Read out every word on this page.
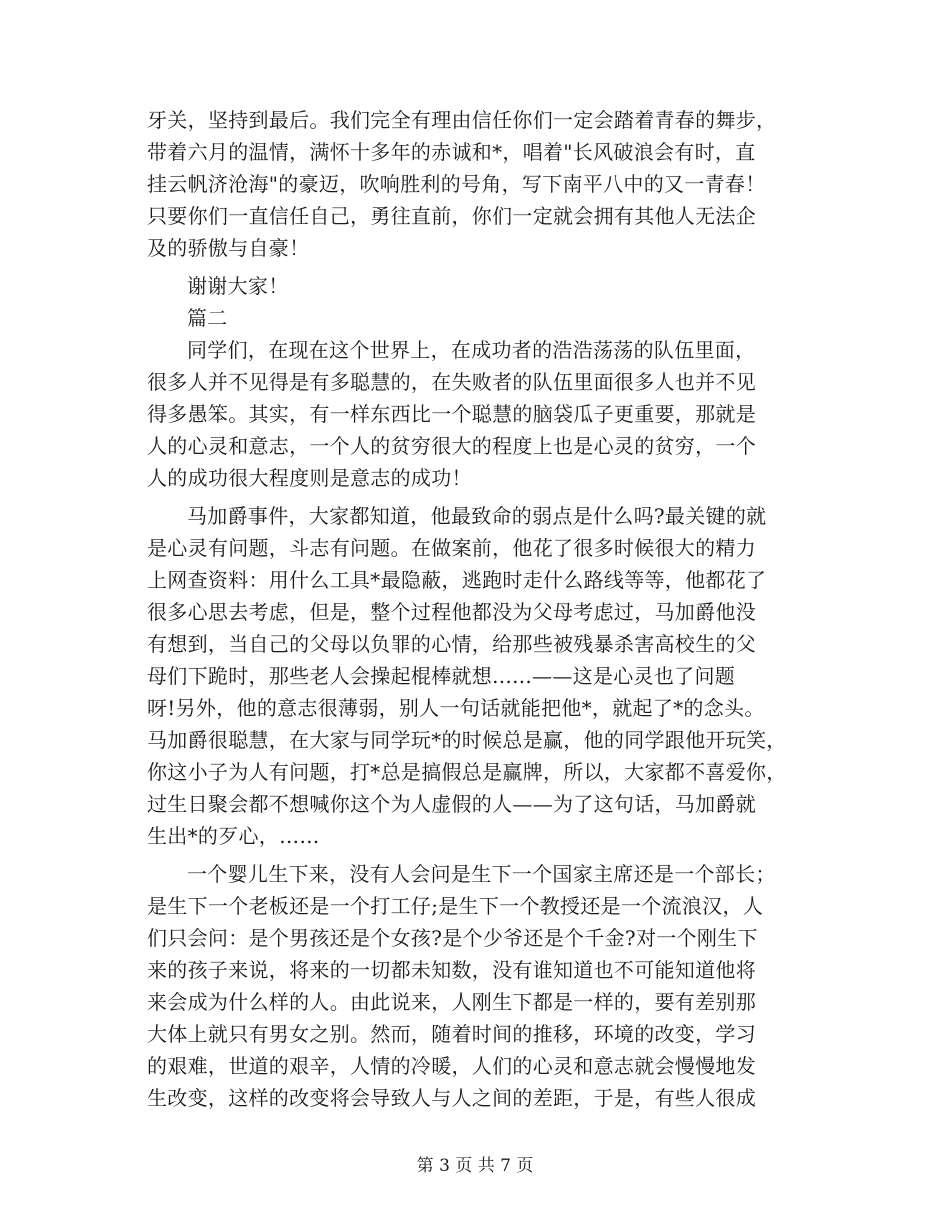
牙关，坚持到最后。我们完全有理由信任你们一定会踏着青春的舞步，
带着六月的温情，满怀十多年的赤诚和*，唱着"长风破浪会有时，直
挂云帆济沧海"的豪迈，吹响胜利的号角，写下南平八中的又一青春！
只要你们一直信任自己，勇往直前，你们一定就会拥有其他人无法企
及的骄傲与自豪！
谢谢大家！
篇二
同学们，在现在这个世界上，在成功者的浩浩荡荡的队伍里面，
很多人并不见得是有多聪慧的，在失败者的队伍里面很多人也并不见
得多愚笨。其实，有一样东西比一个聪慧的脑袋瓜子更重要，那就是
人的心灵和意志，一个人的贫穷很大的程度上也是心灵的贫穷，一个
人的成功很大程度则是意志的成功！
马加爵事件，大家都知道，他最致命的弱点是什么吗?最关键的就
是心灵有问题，斗志有问题。在做案前，他花了很多时候很大的精力
上网查资料：用什么工具*最隐蔽，逃跑时走什么路线等等，他都花了
很多心思去考虑，但是，整个过程他都没为父母考虑过，马加爵他没
有想到，当自己的父母以负罪的心情，给那些被残暴杀害高校生的父
母们下跪时，那些老人会操起棍棒就想......——这是心灵也了问题
呀!另外，他的意志很薄弱，别人一句话就能把他*，就起了*的念头。
马加爵很聪慧，在大家与同学玩*的时候总是赢，他的同学跟他开玩笑，
你这小子为人有问题，打*总是搞假总是赢牌，所以，大家都不喜爱你，
过生日聚会都不想喊你这个为人虚假的人——为了这句话，马加爵就
生出*的歹心，……
一个婴儿生下来，没有人会问是生下一个国家主席还是一个部长；
是生下一个老板还是一个打工仔;是生下一个教授还是一个流浪汉，人
们只会问：是个男孩还是个女孩?是个少爷还是个千金?对一个刚生下
来的孩子来说，将来的一切都未知数，没有谁知道也不可能知道他将
来会成为什么样的人。由此说来，人刚生下都是一样的，要有差别那
大体上就只有男女之别。然而，随着时间的推移，环境的改变，学习
的艰难，世道的艰辛，人情的冷暖，人们的心灵和意志就会慢慢地发
生改变，这样的改变将会导致人与人之间的差距，于是，有些人很成
第 3 页 共 7 页
